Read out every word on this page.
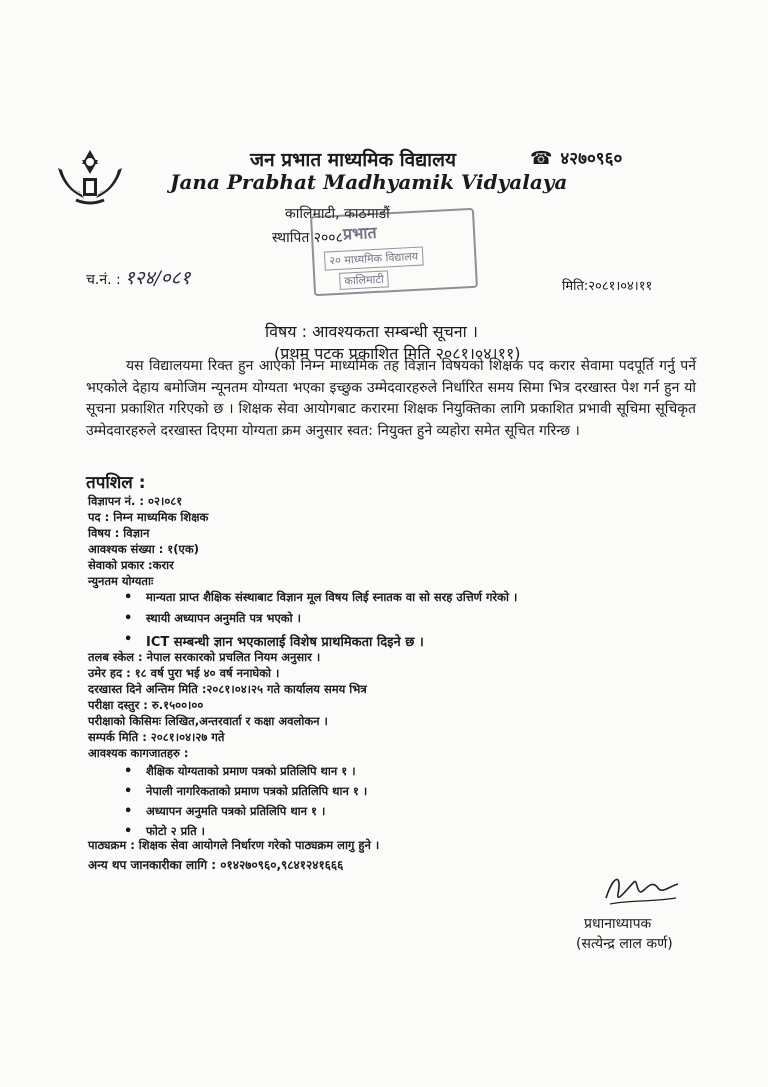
जन प्रभात माध्यमिक विद्यालय	☎ ४२७०९६०
Jana Prabhat Madhyamik Vidyalaya
कालिमाटी, काठमाडौं
स्थापित २००८ प्रभात
२० माध्यमिक विद्यालय
कालिमाटी
च.नं. : १२४/०८१	मिति:२०८१।०४।११
विषय : आवश्यकता सम्बन्धी सूचना ।
(प्रथम पटक प्रकाशित मिति २०८१।०४।११)
यस विद्यालयमा रिक्त हुन आएको निम्न माध्यमिक तह विज्ञान विषयको शिक्षक पद करार सेवामा पदपूर्ति गर्नु पर्ने भएकोले देहाय बमोजिम न्यूनतम योग्यता भएका इच्छुक उम्मेदवारहरुले निर्धारित समय सिमा भित्र दरखास्त पेश गर्न हुन यो सूचना प्रकाशित गरिएको छ । शिक्षक सेवा आयोगबाट करारमा शिक्षक नियुक्तिका लागि प्रकाशित प्रभावी सूचिमा सूचिकृत उम्मेदवारहरुले दरखास्त दिएमा योग्यता क्रम अनुसार स्वत: नियुक्त हुने व्यहोरा समेत सूचित गरिन्छ ।
तपशिल :
विज्ञापन नं. : ०२।०८१
पद : निम्न माध्यमिक शिक्षक
विषय : विज्ञान
आवश्यक संख्या : १(एक)
सेवाको प्रकार :करार
न्युनतम योग्यताः
• मान्यता प्राप्त शैक्षिक संस्थाबाट विज्ञान मूल विषय लिई स्नातक वा सो सरह उत्तिर्ण गरेको ।
• स्थायी अध्यापन अनुमति पत्र भएको ।
• ICT सम्बन्धी ज्ञान भएकालाई विशेष प्राथमिकता दिइने छ ।
तलब स्केल : नेपाल सरकारको प्रचलित नियम अनुसार ।
उमेर हद : १८ वर्ष पुरा भई ४० वर्ष ननाघेको ।
दरखास्त दिने अन्तिम मिति :२०८१।०४।२५ गते कार्यालय समय भित्र
परीक्षा दस्तुर : रु.१५००।००
परीक्षाको किसिमः लिखित,अन्तरवार्ता र कक्षा अवलोकन ।
सम्पर्क मिति : २०८१।०४।२७ गते
आवश्यक कागजातहरु :
• शैक्षिक योग्यताको प्रमाण पत्रको प्रतिलिपि थान १ ।
• नेपाली नागरिकताको प्रमाण पत्रको प्रतिलिपि थान १ ।
• अध्यापन अनुमति पत्रको प्रतिलिपि थान १ ।
• फोटो २ प्रति ।
पाठ्यक्रम : शिक्षक सेवा आयोगले निर्धारण गरेको पाठ्यक्रम लागु हुने ।
अन्य थप जानकारीका लागि : ०१४२७०९६०,९८४१२४१६६६
प्रधानाध्यापक
(सत्येन्द्र लाल कर्ण)
